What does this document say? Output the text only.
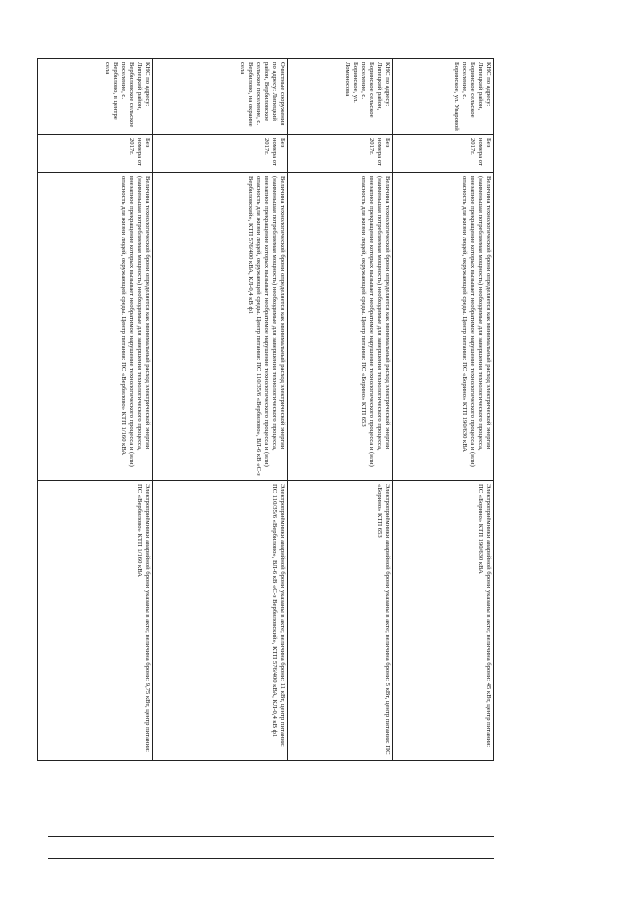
КНС по адресу: Липецкий район, Боринское сельское поселение, с. Боринское, ул. Уваровой	Без номера от 2017г.	Величина технологической брони определяется как минимальный расход электрической энергии (наименьшая потребляемая мощность) необходимые для завершения технологического процесса, внезапное прекращение которых вызывает необратимое нарушение технологического процесса и (или) опасность для жизни людей, окружающей среды. Центр питания: ПС «Борино» КТП 190/630 кВА	Электроприёмники аварийной брони указаны в акте; величина брони: 45 кВт, центр питания: ПС «Борино» КТП 190/630 кВА
КНС по адресу: Липецкий район, Боринское сельское поселение, с. Боринское, ул. Ломоносова	Без номера от 2017г.	Величина технологической брони определяется как минимальный расход электрической энергии (наименьшая потребляемая мощность) необходимые для завершения технологического процесса, внезапное прекращение которых вызывает необратимое нарушение технологического процесса и (или) опасность для жизни людей, окружающей среды. Центр питания: ПС «Борино» КТП 653	Электроприёмники аварийной брони указаны в акте; величина брони: 5 кВт, центр питания: ПС «Борино» КТП 653
Очистные сооружения по адресу: Липецкий район, Вербиловское сельское поселение, с. Вербилово, на окраине села	Без номера от 2017г.	Величина технологической брони определяется как минимальный расход электрической энергии (наименьшая потребляемая мощность) необходимые для завершения технологического процесса, внезапное прекращение которых вызывает необратимое нарушение технологического процесса и (или) опасность для жизни людей, окружающей среды. Центр питания: ПС 110/35/6 «Вербилово», ВЛ-6 кВ «С-з Вербиловский», КТП 576/400 кВА, КЛ-0,4 кВ ф1	Электроприёмники аварийной брони указаны в акте; величина брони: 11 кВт, центр питания: ПС 110/35/6 «Вербилово», ВЛ-6 кВ «С-з Вербиловский», КТП 576/400 кВА, КЛ-0,4 кВ ф1
КНС по адресу: Липецкий район, Вербиловское сельское поселение, с. Вербилово, в центре села	Без номера от 2017г.	Величина технологической брони определяется как минимальный расход электрической энергии (наименьшая потребляемая мощность) необходимые для завершения технологического процесса, внезапное прекращение которых вызывает необратимое нарушение технологического процесса и (или) опасность для жизни людей, окружающей среды. Центр питания: ПС «Вербилово» КТП 1/160 кВА	Электроприёмники аварийной брони указаны в акте; величина брони: 9,75 кВт, центр питания: ПС «Вербилово» КТП 1/160 кВА
